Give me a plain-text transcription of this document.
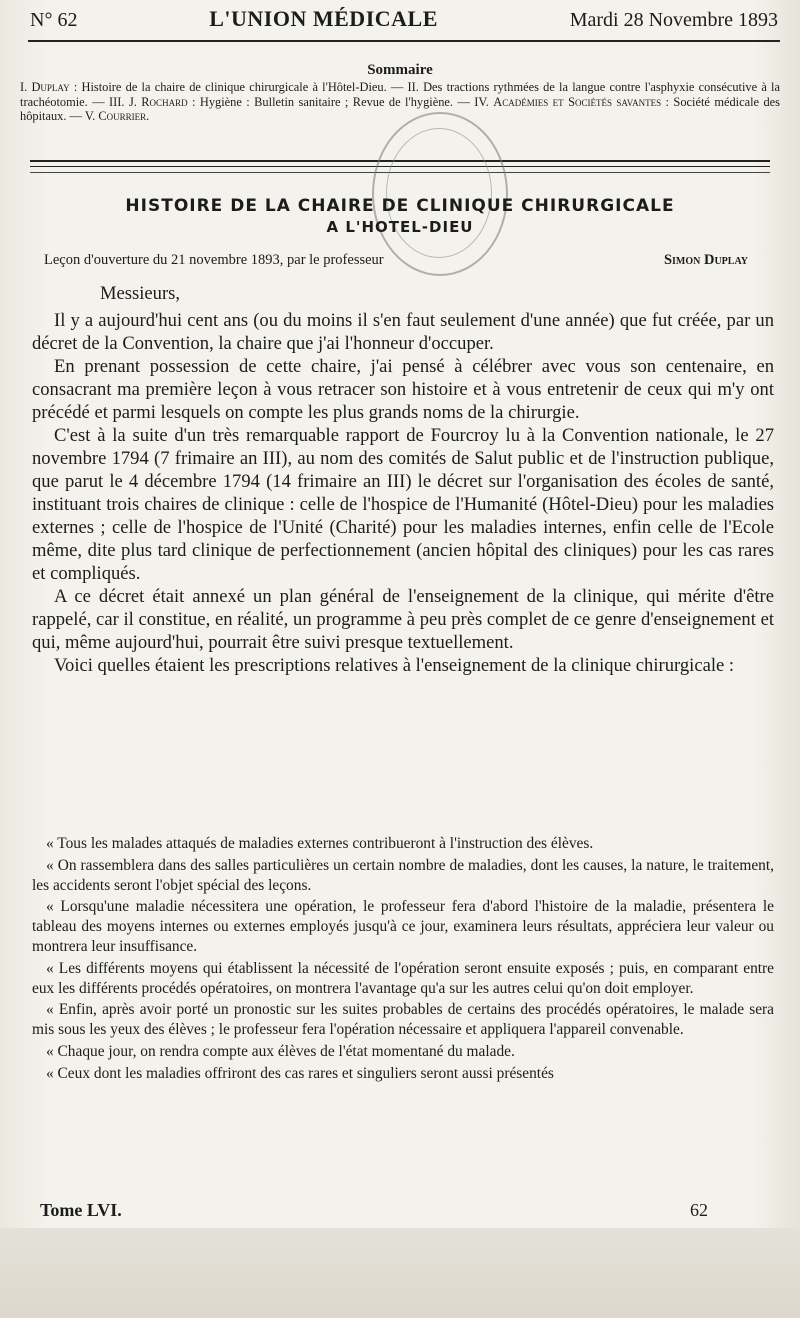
N° 62	L'UNION MÉDICALE	Mardi 28 Novembre 1893
Sommaire
I. Duplay : Histoire de la chaire de clinique chirurgicale à l'Hôtel-Dieu. — II. Des tractions rythmées de la langue contre l'asphyxie consécutive à la trachéotomie. — III. J. Rochard : Hygiène : Bulletin sanitaire ; Revue de l'hygiène. — IV. Académies et Sociétés savantes : Société médicale des hôpitaux. — V. Courrier.
HISTOIRE DE LA CHAIRE DE CLINIQUE CHIRURGICALE
A L'HOTEL-DIEU
Leçon d'ouverture du 21 novembre 1893, par le professeur	Simon Duplay

Messieurs,

Il y a aujourd'hui cent ans (ou du moins il s'en faut seulement d'une année) que fut créée, par un décret de la Convention, la chaire que j'ai l'honneur d'occuper.

En prenant possession de cette chaire, j'ai pensé à célébrer avec vous son centenaire, en consacrant ma première leçon à vous retracer son histoire et à vous entretenir de ceux qui m'y ont précédé et parmi lesquels on compte les plus grands noms de la chirurgie.

C'est à la suite d'un très remarquable rapport de Fourcroy lu à la Convention nationale, le 27 novembre 1794 (7 frimaire an III), au nom des comités de Salut public et de l'instruction publique, que parut le 4 décembre 1794 (14 frimaire an III) le décret sur l'organisation des écoles de santé, instituant trois chaires de clinique : celle de l'hospice de l'Humanité (Hôtel-Dieu) pour les maladies externes ; celle de l'hospice de l'Unité (Charité) pour les maladies internes, enfin celle de l'Ecole même, dite plus tard clinique de perfectionnement (ancien hôpital des cliniques) pour les cas rares et compliqués.

A ce décret était annexé un plan général de l'enseignement de la clinique, qui mérite d'être rappelé, car il constitue, en réalité, un programme à peu près complet de ce genre d'enseignement et qui, même aujourd'hui, pourrait être suivi presque textuellement.

Voici quelles étaient les prescriptions relatives à l'enseignement de la clinique chirurgicale :

« Tous les malades attaqués de maladies externes contribueront à l'instruction des élèves.

« On rassemblera dans des salles particulières un certain nombre de maladies, dont les causes, la nature, le traitement, les accidents seront l'objet spécial des leçons.

« Lorsqu'une maladie nécessitera une opération, le professeur fera d'abord l'histoire de la maladie, présentera le tableau des moyens internes ou externes employés jusqu'à ce jour, examinera leurs résultats, appréciera leur valeur ou montrera leur insuffisance.

« Les différents moyens qui établissent la nécessité de l'opération seront ensuite exposés ; puis, en comparant entre eux les différents procédés opératoires, on montrera l'avantage qu'a sur les autres celui qu'on doit employer.

« Enfin, après avoir porté un pronostic sur les suites probables de certains des procédés opératoires, le malade sera mis sous les yeux des élèves ; le professeur fera l'opération nécessaire et appliquera l'appareil convenable.

« Chaque jour, on rendra compte aux élèves de l'état momentané du malade.

« Ceux dont les maladies offriront des cas rares et singuliers seront aussi présentés

Tome LVI.	62
